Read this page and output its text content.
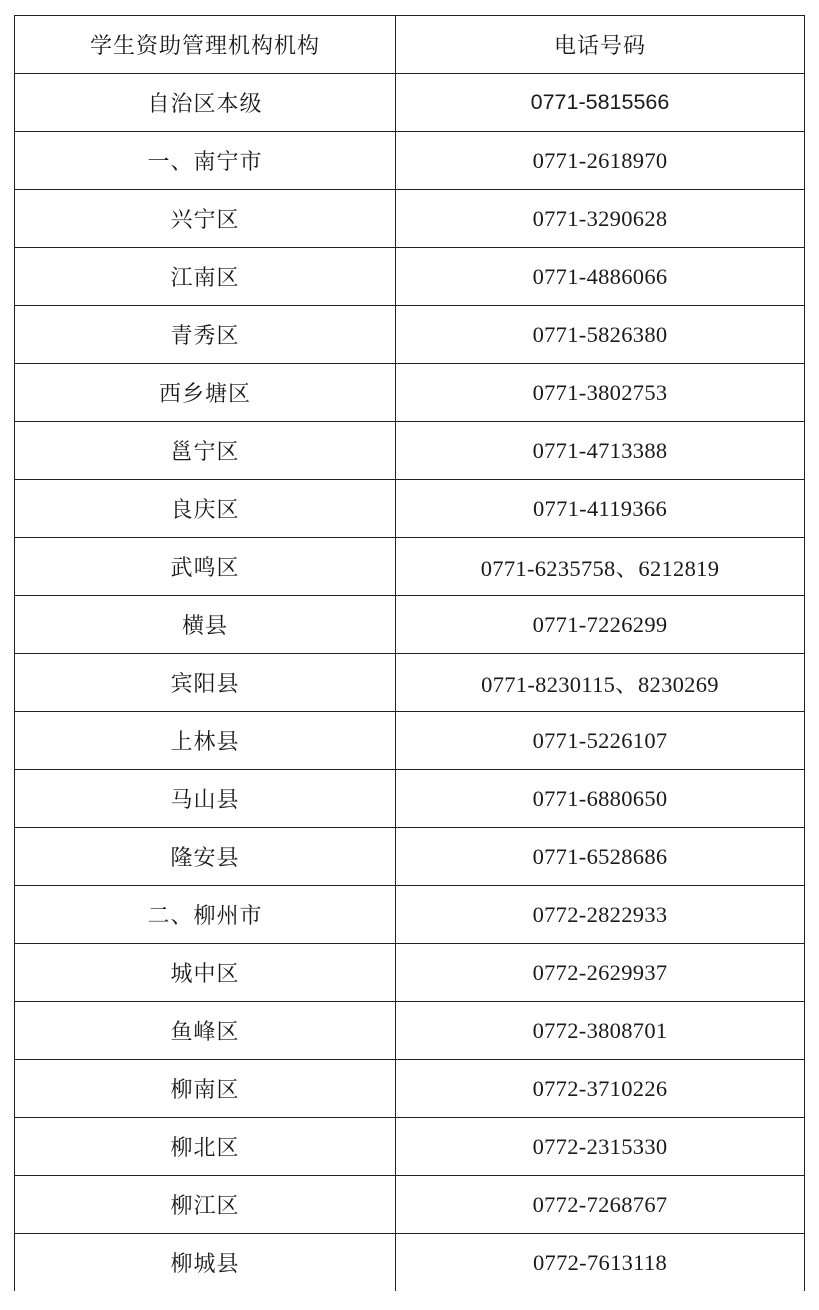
学生资助管理机构机构	电话号码
自治区本级	0771-5815566
一、南宁市	0771-2618970
兴宁区	0771-3290628
江南区	0771-4886066
青秀区	0771-5826380
西乡塘区	0771-3802753
邕宁区	0771-4713388
良庆区	0771-4119366
武鸣区	0771-6235758、6212819
横县	0771-7226299
宾阳县	0771-8230115、8230269
上林县	0771-5226107
马山县	0771-6880650
隆安县	0771-6528686
二、柳州市	0772-2822933
城中区	0772-2629937
鱼峰区	0772-3808701
柳南区	0772-3710226
柳北区	0772-2315330
柳江区	0772-7268767
柳城县	0772-7613118
